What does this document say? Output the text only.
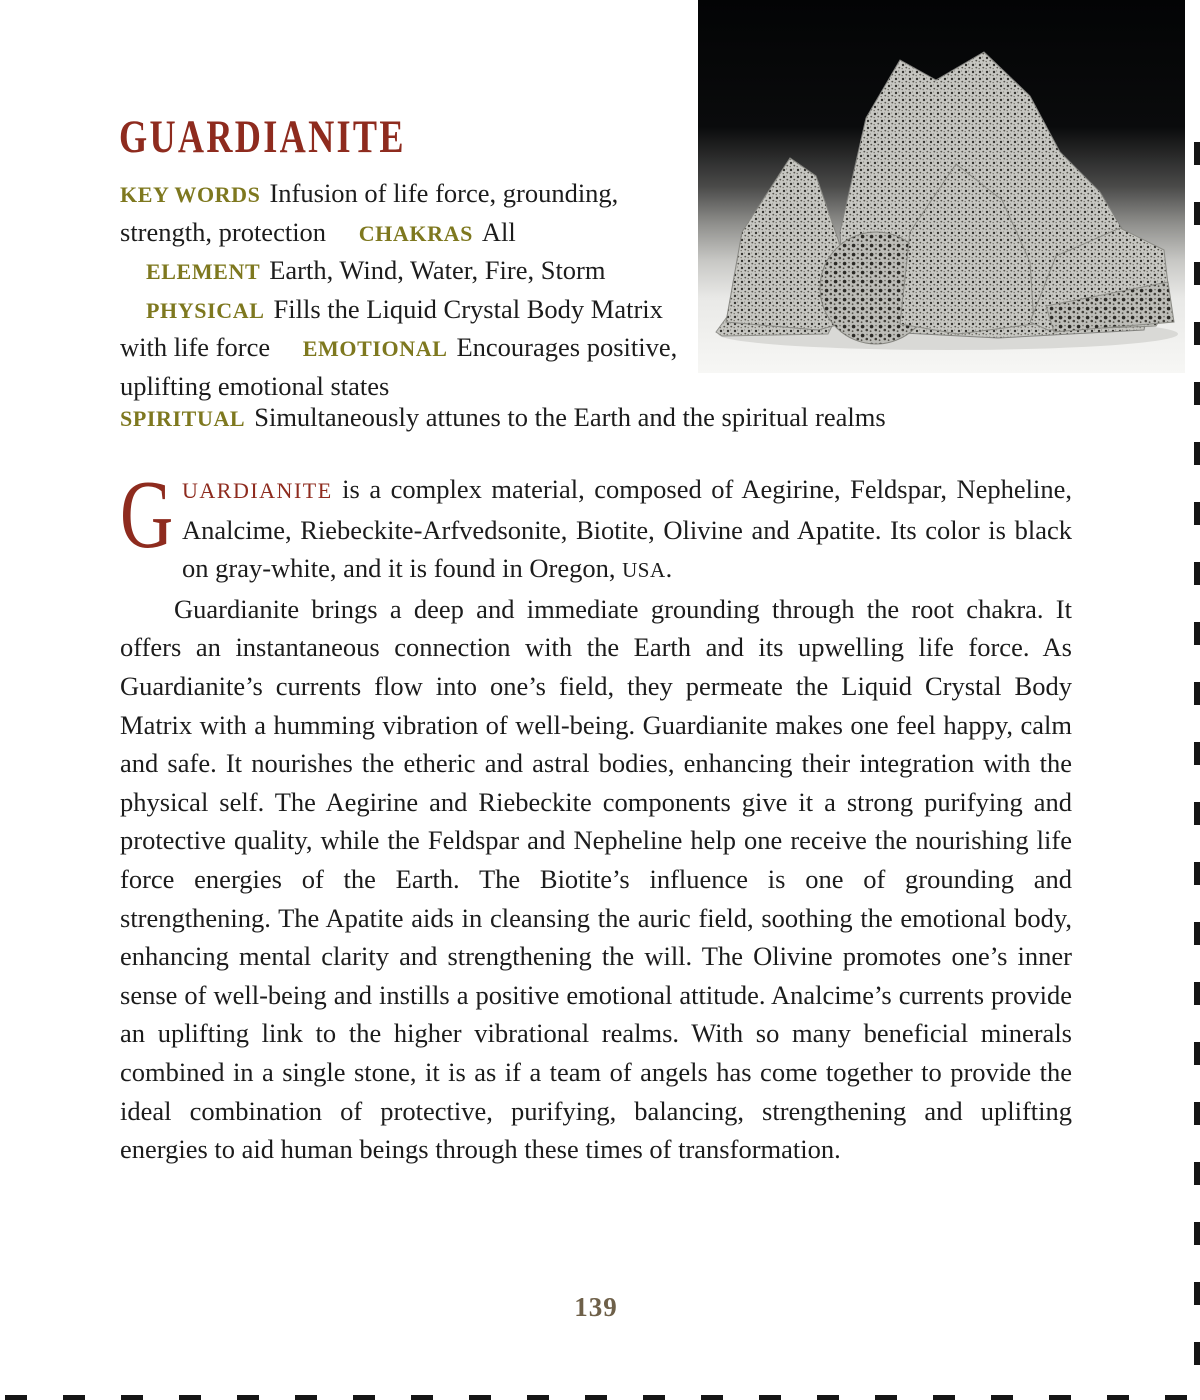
GUARDIANITE
KEY WORDS Infusion of life force, grounding, strength, protection CHAKRAS All ELEMENT Earth, Wind, Water, Fire, Storm PHYSICAL Fills the Liquid Crystal Body Matrix with life force EMOTIONAL Encourages positive, uplifting emotional states
SPIRITUAL Simultaneously attunes to the Earth and the spiritual realms

GUARDIANITE is a complex material, composed of Aegirine, Feldspar, Nepheline, Analcime, Riebeckite-Arfvedsonite, Biotite, Olivine and Apatite. Its color is black on gray-white, and it is found in Oregon, USA.

Guardianite brings a deep and immediate grounding through the root chakra. It offers an instantaneous connection with the Earth and its upwelling life force. As Guardianite’s currents flow into one’s field, they permeate the Liquid Crystal Body Matrix with a humming vibration of well-being. Guardianite makes one feel happy, calm and safe. It nourishes the etheric and astral bodies, enhancing their integration with the physical self. The Aegirine and Riebeckite components give it a strong purifying and protective quality, while the Feldspar and Nepheline help one receive the nourishing life force energies of the Earth. The Biotite’s influence is one of grounding and strengthening. The Apatite aids in cleansing the auric field, soothing the emotional body, enhancing mental clarity and strengthening the will. The Olivine promotes one’s inner sense of well-being and instills a positive emotional attitude. Analcime’s currents provide an uplifting link to the higher vibrational realms. With so many beneficial minerals combined in a single stone, it is as if a team of angels has come together to provide the ideal combination of protective, purifying, balancing, strengthening and uplifting energies to aid human beings through these times of transformation.

139
